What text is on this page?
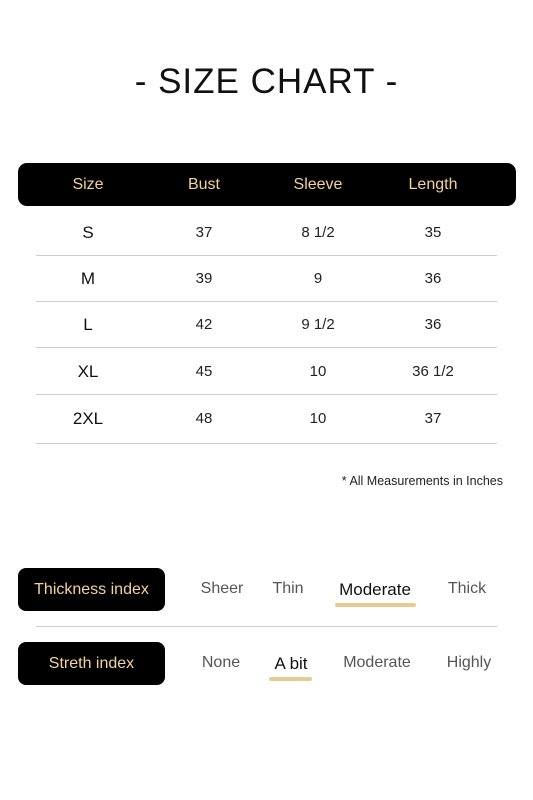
- SIZE CHART -
Size	Bust	Sleeve	Length
S	37	8 1/2	35
M	39	9	36
L	42	9 1/2	36
XL	45	10	36 1/2
2XL	48	10	37
* All Measurements in Inches
Thickness index	Sheer	Thin	Moderate	Thick
Streth index	None	A bit	Moderate	Highly
